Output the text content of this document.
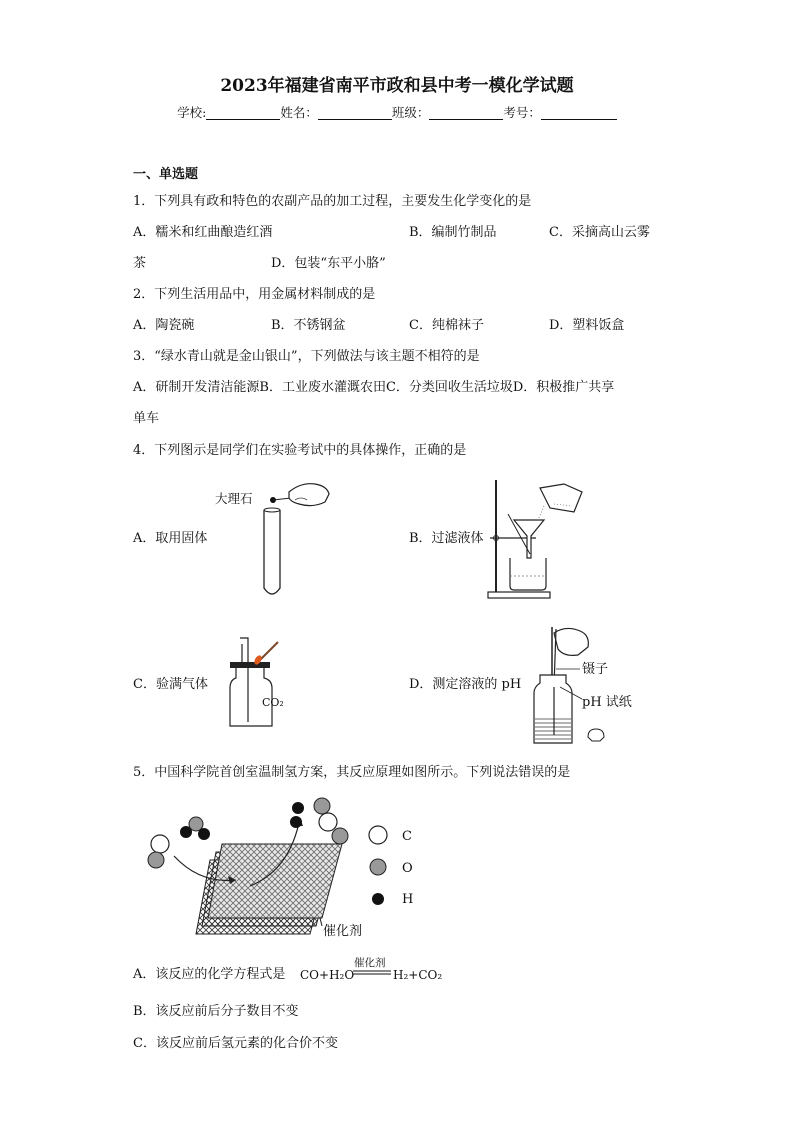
2023年福建省南平市政和县中考一模化学试题
学校:	姓名：	班级：	考号：
一、单选题
1．下列具有政和特色的农副产品的加工过程，主要发生化学变化的是
A．糯米和红曲酿造红酒	B．编制竹制品	C．采摘高山云雾
茶	D．包装“东平小胳”
2．下列生活用品中，用金属材料制成的是
A．陶瓷碗	B．不锈钢盆	C．纯棉袜子	D．塑料饭盒
3．“绿水青山就是金山银山”，下列做法与该主题不相符的是
A．研制开发清洁能源B．工业废水灌溉农田C．分类回收生活垃圾D．积极推广共享
单车
4．下列图示是同学们在实验考试中的具体操作，正确的是
A．取用固体
大理石
B．过滤液体
C．验满气体
CO₂
D．测定溶液的 pH
镊子
pH 试纸
5．中国科学院首创室温制氢方案，其反应原理如图所示。下列说法错误的是
催化剂
C
O
H
A．该反应的化学方程式是 CO+H₂O
催化剂
H₂+CO₂
B．该反应前后分子数目不变
C．该反应前后氢元素的化合价不变
